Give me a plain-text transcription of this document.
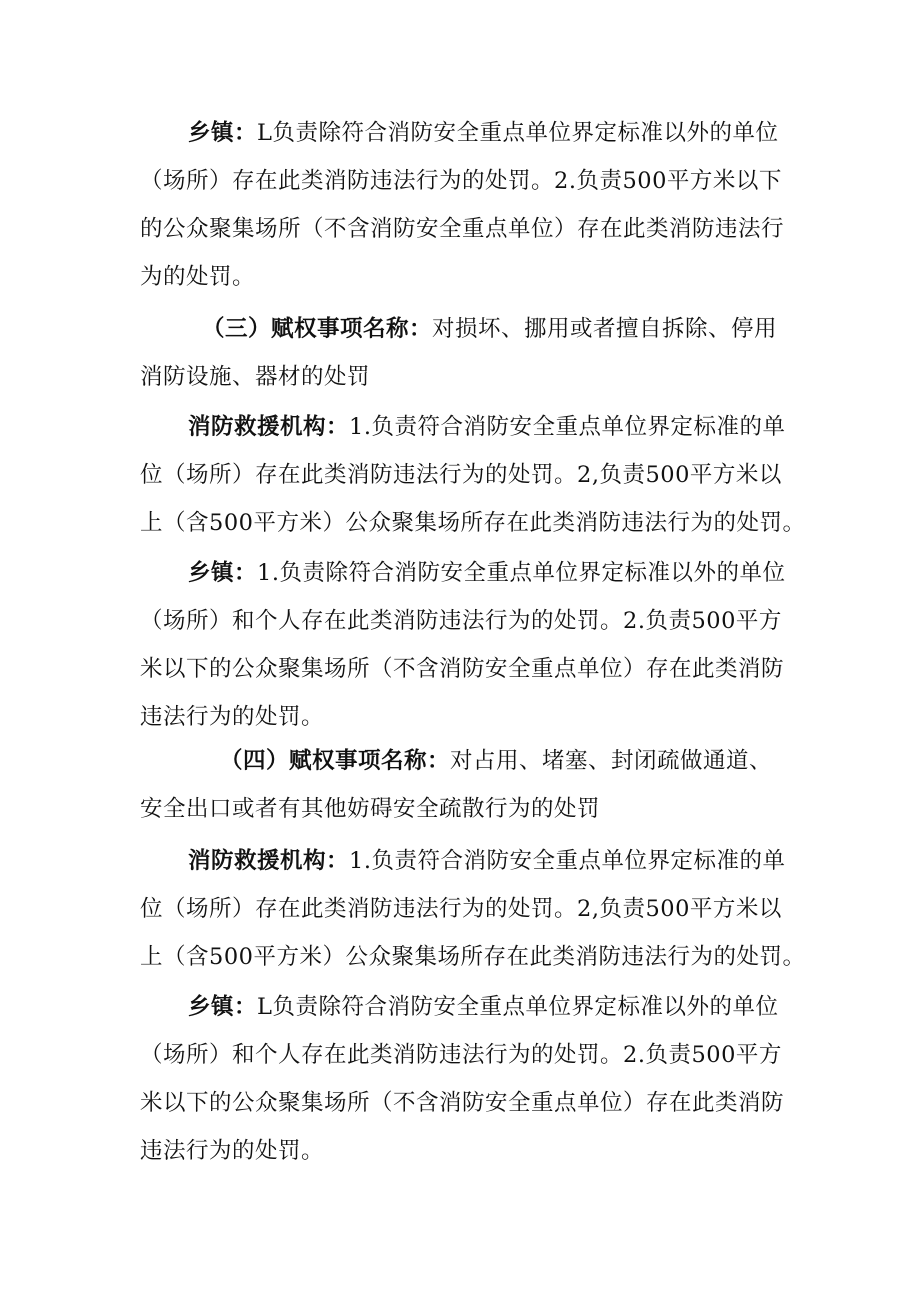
乡镇：L负责除符合消防安全重点单位界定标准以外的单位
（场所）存在此类消防违法行为的处罚。2.负责500平方米以下
的公众聚集场所（不含消防安全重点单位）存在此类消防违法行
为的处罚。
（三）赋权事项名称：对损坏、挪用或者擅自拆除、停用
消防设施、器材的处罚
消防救援机构：1.负责符合消防安全重点单位界定标准的单
位（场所）存在此类消防违法行为的处罚。2,负责500平方米以
上（含500平方米）公众聚集场所存在此类消防违法行为的处罚。
乡镇：1.负责除符合消防安全重点单位界定标准以外的单位
（场所）和个人存在此类消防违法行为的处罚。2.负责500平方
米以下的公众聚集场所（不含消防安全重点单位）存在此类消防
违法行为的处罚。
（四）赋权事项名称：对占用、堵塞、封闭疏做通道、
安全出口或者有其他妨碍安全疏散行为的处罚
消防救援机构：1.负责符合消防安全重点单位界定标准的单
位（场所）存在此类消防违法行为的处罚。2,负责500平方米以
上（含500平方米）公众聚集场所存在此类消防违法行为的处罚。
乡镇：L负责除符合消防安全重点单位界定标准以外的单位
（场所）和个人存在此类消防违法行为的处罚。2.负责500平方
米以下的公众聚集场所（不含消防安全重点单位）存在此类消防
违法行为的处罚。
